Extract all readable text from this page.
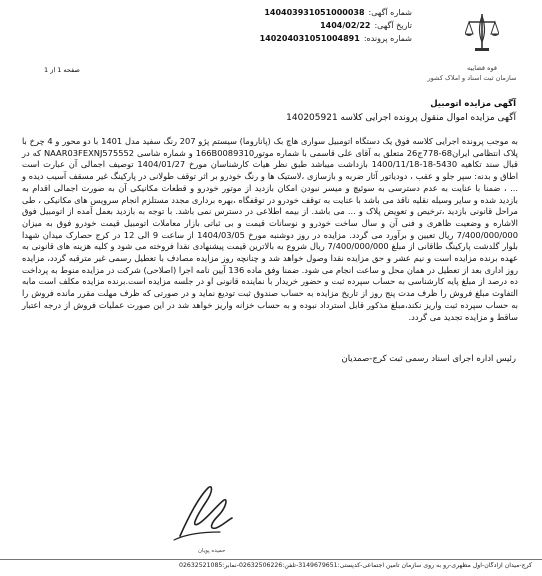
شماره آگهی:
140403931051000038
تاریخ آگهی:
1404/02/22
شماره پرونده:
140204031051004891
صفحه 1 از 1	قوه قضاییه
سازمان ثبت اسناد و املاک کشور
آگهی مزایده اتومبیل
آگهی مزایده اموال منقول پرونده اجرایی کلاسه 140205921
به موجب پرونده اجرایی کلاسه فوق یک دستگاه اتومبیل سواری هاچ بک (پاناروما) سیستم پژو 207 رنگ سفید مدل 1401 با دو محور و 4 چرخ با پلاک انتظامی ایران68-778ج26 متعلق به آقای علی قاسمی با شماره موتور166B0089310 و شماره شاسی NAAR03FEXNJ575552 که در قبال سند تکاهیه 5430-18-1400/11/18 بازداشت میباشد طبق نظر هیات کارشناسان مورخ 1404/01/27 توصیف اجمالی آن عبارت است اطاق و بدنه: سپر جلو و عقب ، دودیاتور آثار ضربه و بازسازی ،لاستیک ها و رنگ خودرو بر اثر توقف طولانی در پارکینگ غیر مسقف آسیب دیده و ... ، ضمنا با عنایت به عدم دسترسی به سوئیچ و میسر نبودن امکان بازدید از موتور خودرو و قطعات مکانیکی آن به صورت اجمالی اقدام به بازدید شده و سایر وسیله نقلیه ناقد می باشد با عنایت به توقف خودرو در توقفگاه ،بهره برداری مجدد مستلزم انجام سرویس های مکانیکی ، طی مراحل قانونی بازدید ،ترخیص و تعویض پلاک و ... می باشد. از بیمه اطلاعی در دسترس نمی باشد. با توجه به بازدید بعمل آمده از اتومبیل فوق الاشاره و وضعیت ظاهری و فنی آن و سال ساخت خودرو و نوسانات قیمت و بی ثباتی بازار معاملات اتومبیل قیمت خودرو فوق به میزان 7/400/000/000 ریال تعیین و برآورد می گردد. مزایده در روز دوشنبه مورخ 1404/03/05 از ساعت 9 الی 12 در کرج حصارک میدان شهدا بلوار گلدشت پارکینگ طاقانی از مبلغ 7/400/000/000 ریال شروع به بالاترین قیمت پیشنهادی نقدا فروخته می شود و کلیه هزینه های قانونی به عهده برنده مزایده است و نیم عشر و حق مزایده نقدا وصول خواهد شد و چنانچه روز مزایده مصادف با تعطیل رسمی غیر مترقبه گردد، مزایده روز اداری بعد از تعطیل در همان محل و ساعت انجام می شود. ضمنا وفق ماده 136 آیین نامه اجرا (اصلاحی) شرکت در مزایده منوط به پرداخت ده درصد از مبلغ پایه کارشناسی به حساب سپرده ثبت و حضور خریدار با نماینده قانونی او در جلسه مزایده است.برنده مزایده مکلف است مابه التفاوت مبلغ فروش را ظرف مدت پنج روز از تاریخ مزایده به حساب صندوق ثبت تودیع نماید و در صورتی که ظرف مهلت مقرر مانده فروش را به حساب سپرده ثبت واریز نکند،مبلغ مذکور قابل استرداد نبوده و به حساب خزانه واریز خواهد شد در این صورت عملیات فروش از درجه اعتبار ساقط و مزایده تجدید می گردد.
رئیس اداره اجرای اسناد رسمی ثبت کرج-صمدیان
حمیده پویان
کرج-میدان آزادگان-اول مظهری-رو به روی سازمان تامین اجتماعی-کدپستی:3149679651-تلفن:02632506226-نمابر:02632521085
